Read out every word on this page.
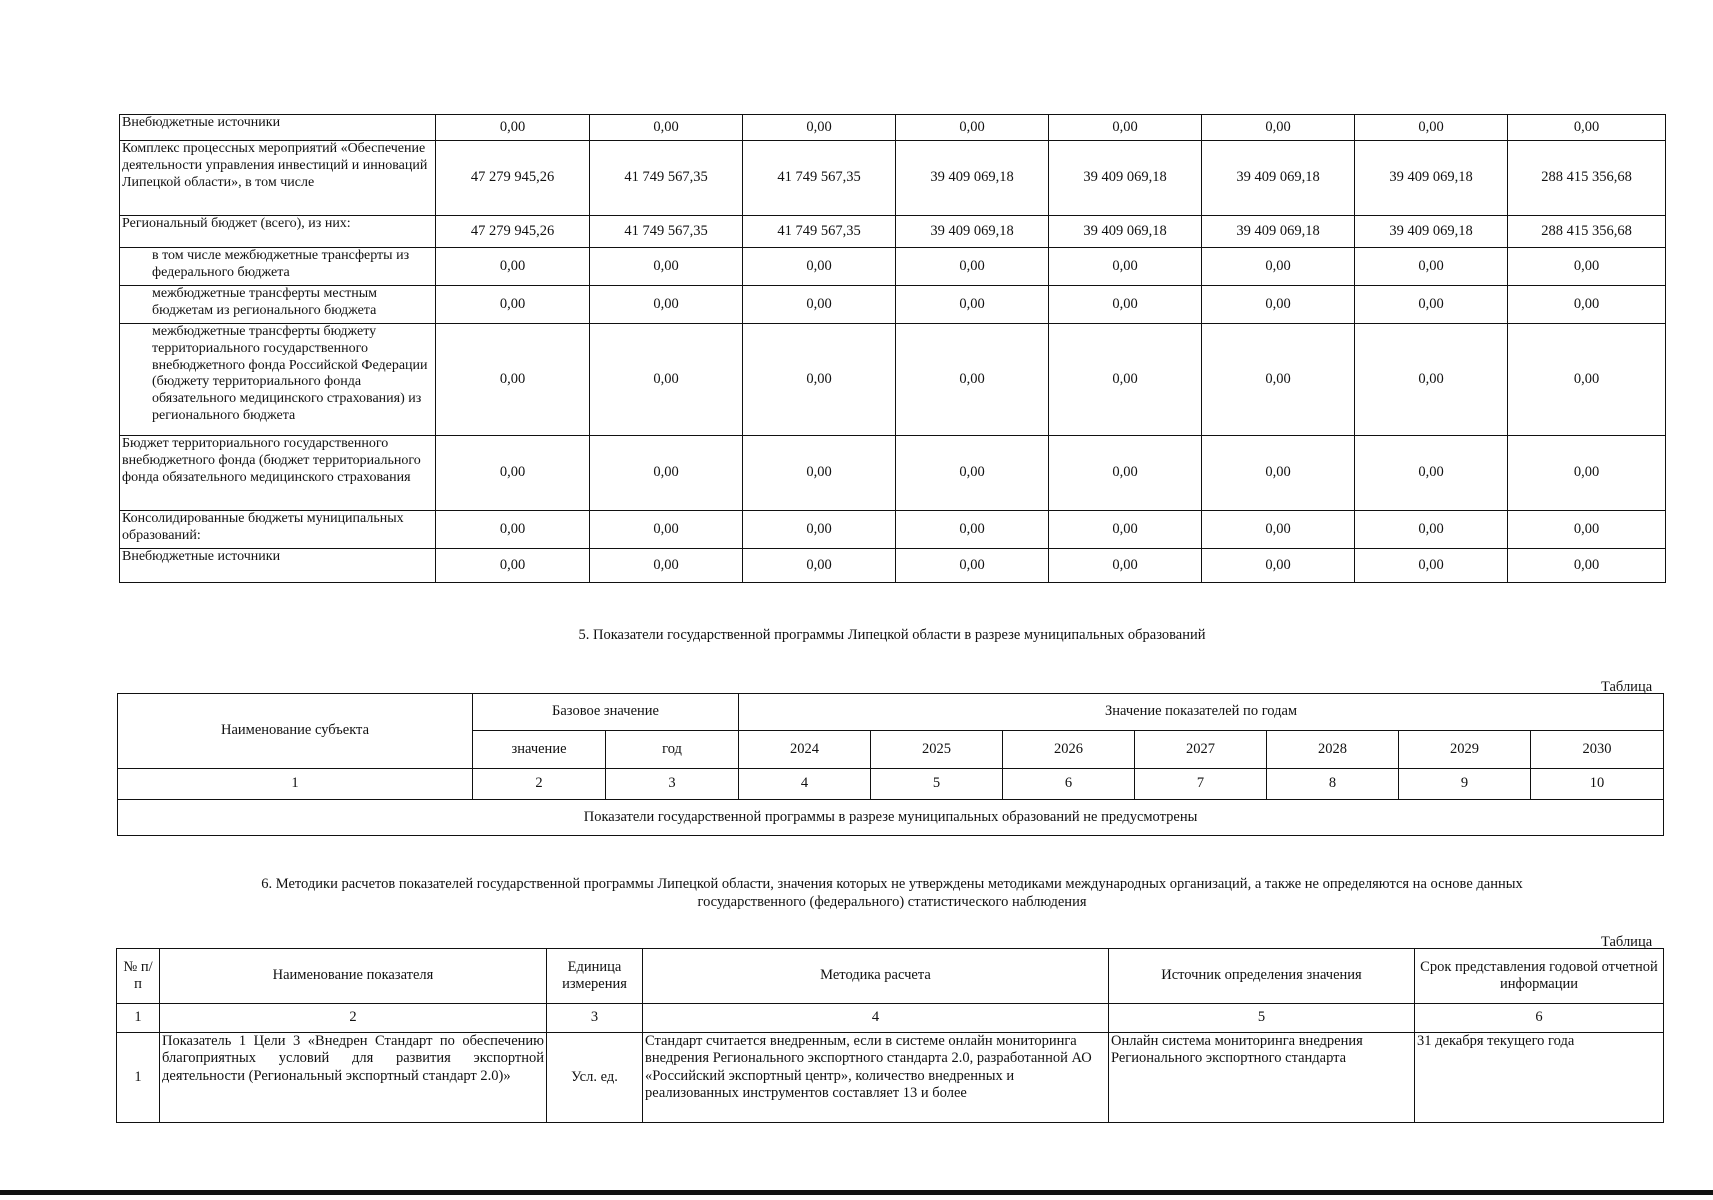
Внебюджетные источники	0,00	0,00	0,00	0,00	0,00	0,00	0,00	0,00
Комплекс процессных мероприятий «Обеспечение деятельности управления инвестиций и инноваций Липецкой области», в том числе	47 279 945,26	41 749 567,35	41 749 567,35	39 409 069,18	39 409 069,18	39 409 069,18	39 409 069,18	288 415 356,68
Региональный бюджет (всего), из них:	47 279 945,26	41 749 567,35	41 749 567,35	39 409 069,18	39 409 069,18	39 409 069,18	39 409 069,18	288 415 356,68
в том числе межбюджетные трансферты из федерального бюджета	0,00	0,00	0,00	0,00	0,00	0,00	0,00	0,00
межбюджетные трансферты местным бюджетам из регионального бюджета	0,00	0,00	0,00	0,00	0,00	0,00	0,00	0,00
межбюджетные трансферты бюджету территориального государственного внебюджетного фонда Российской Федерации (бюджету территориального фонда обязательного медицинского страхования) из регионального бюджета	0,00	0,00	0,00	0,00	0,00	0,00	0,00	0,00
Бюджет территориального государственного внебюджетного фонда (бюджет территориального фонда обязательного медицинского страхования	0,00	0,00	0,00	0,00	0,00	0,00	0,00	0,00
Консолидированные бюджеты муниципальных образований:	0,00	0,00	0,00	0,00	0,00	0,00	0,00	0,00
Внебюджетные источники	0,00	0,00	0,00	0,00	0,00	0,00	0,00	0,00
5. Показатели государственной программы Липецкой области в разрезе муниципальных образований
Таблица
Наименование субъекта	Базовое значение		Значение показателей по годам						
	значение	год	2024	2025	2026	2027	2028	2029	2030
1	2	3	4	5	6	7	8	9	10
Показатели государственной программы в разрезе муниципальных образований не предусмотрены									
6. Методики расчетов показателей государственной программы Липецкой области, значения которых не утверждены методиками международных организаций, а также не определяются на основе данных
государственного (федерального) статистического наблюдения
Таблица
№ п/п	Наименование показателя	Единица измерения	Методика расчета	Источник определения значения	Срок представления годовой отчетной информации
1	2	3	4	5	6
1	Показатель 1 Цели 3 «Внедрен Стандарт по обеспечению благоприятных условий для развития экспортной деятельности (Региональный экспортный стандарт 2.0)»	Усл. ед.	Стандарт считается внедренным, если в системе онлайн мониторинга внедрения Регионального экспортного стандарта 2.0, разработанной АО «Российский экспортный центр», количество внедренных и реализованных инструментов составляет 13 и более	Онлайн система мониторинга внедрения Регионального экспортного стандарта	31 декабря текущего года
